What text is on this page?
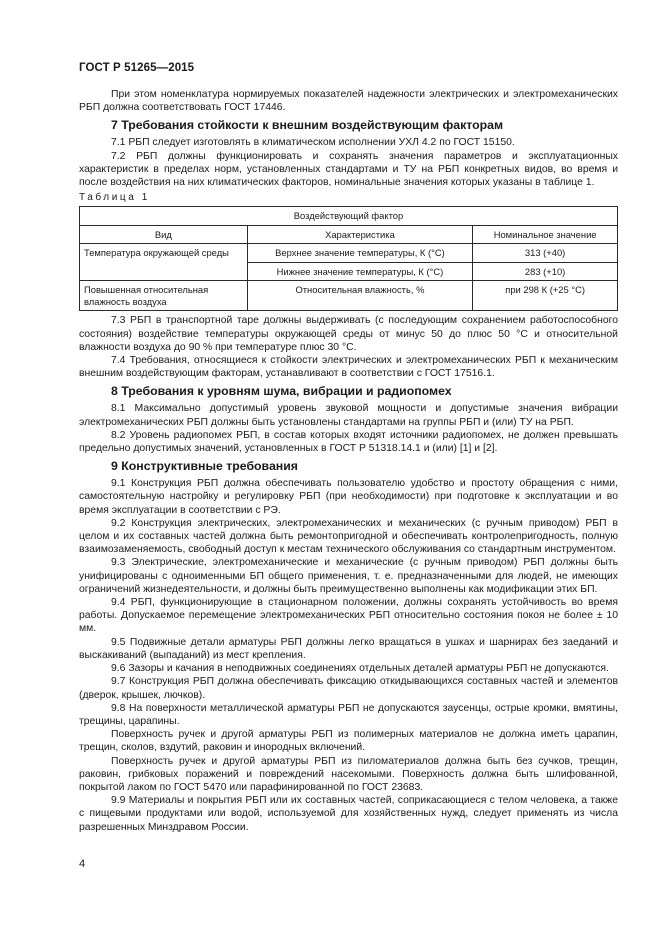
ГОСТ Р 51265—2015

При этом номенклатура нормируемых показателей надежности электрических и электромеханических РБП должна соответствовать ГОСТ 17446.

7 Требования стойкости к внешним воздействующим факторам

7.1 РБП следует изготовлять в климатическом исполнении УХЛ 4.2 по ГОСТ 15150.

7.2 РБП должны функционировать и сохранять значения параметров и эксплуатационных характеристик в пределах норм, установленных стандартами и ТУ на РБП конкретных видов, во время и после воздействия на них климатических факторов, номинальные значения которых указаны в таблице 1.

Таблица 1
Воздействующий фактор		
Вид	Характеристика	Номинальное значение
Температура окружающей среды	Верхнее значение температуры, К (°C)	313 (+40)
	Нижнее значение температуры, К (°C)	283 (+10)
Повышенная относительная влажность воздуха	Относительная влажность, %	при 298 К (+25 °C)

7.3 РБП в транспортной таре должны выдерживать (с последующим сохранением работоспособного состояния) воздействие температуры окружающей среды от минус 50 до плюс 50 °C и относительной влажности воздуха до 90 % при температуре плюс 30 °C.

7.4 Требования, относящиеся к стойкости электрических и электромеханических РБП к механическим внешним воздействующим факторам, устанавливают в соответствии с ГОСТ 17516.1.

8 Требования к уровням шума, вибрации и радиопомех

8.1 Максимально допустимый уровень звуковой мощности и допустимые значения вибрации электромеханических РБП должны быть установлены стандартами на группы РБП и (или) ТУ на РБП.

8.2 Уровень радиопомех РБП, в состав которых входят источники радиопомех, не должен превышать предельно допустимых значений, установленных в ГОСТ Р 51318.14.1 и (или) [1] и [2].

9 Конструктивные требования

9.1 Конструкция РБП должна обеспечивать пользователю удобство и простоту обращения с ними, самостоятельную настройку и регулировку РБП (при необходимости) при подготовке к эксплуатации и во время эксплуатации в соответствии с РЭ.

9.2 Конструкция электрических, электромеханических и механических (с ручным приводом) РБП в целом и их составных частей должна быть ремонтопригодной и обеспечивать контролепригодность, полную взаимозаменяемость, свободный доступ к местам технического обслуживания со стандартным инструментом.

9.3 Электрические, электромеханические и механические (с ручным приводом) РБП должны быть унифицированы с одноименными БП общего применения, т. е. предназначенными для людей, не имеющих ограничений жизнедеятельности, и должны быть преимущественно выполнены как модификации этих БП.

9.4 РБП, функционирующие в стационарном положении, должны сохранять устойчивость во время работы. Допускаемое перемещение электромеханических РБП относительно состояния покоя не более ± 10 мм.

9.5 Подвижные детали арматуры РБП должны легко вращаться в ушках и шарнирах без заеданий и выскакиваний (выпаданий) из мест крепления.

9.6 Зазоры и качания в неподвижных соединениях отдельных деталей арматуры РБП не допускаются.

9.7 Конструкция РБП должна обеспечивать фиксацию откидывающихся составных частей и элементов (дверок, крышек, лючков).

9.8 На поверхности металлической арматуры РБП не допускаются заусенцы, острые кромки, вмятины, трещины, царапины.

Поверхность ручек и другой арматуры РБП из полимерных материалов не должна иметь царапин, трещин, сколов, вздутий, раковин и инородных включений.

Поверхность ручек и другой арматуры РБП из пиломатериалов должна быть без сучков, трещин, раковин, грибковых поражений и повреждений насекомыми. Поверхность должна быть шлифованной, покрытой лаком по ГОСТ 5470 или парафинированной по ГОСТ 23683.

9.9 Материалы и покрытия РБП или их составных частей, соприкасающиеся с телом человека, а также с пищевыми продуктами или водой, используемой для хозяйственных нужд, следует применять из числа разрешенных Минздравом России.

4
